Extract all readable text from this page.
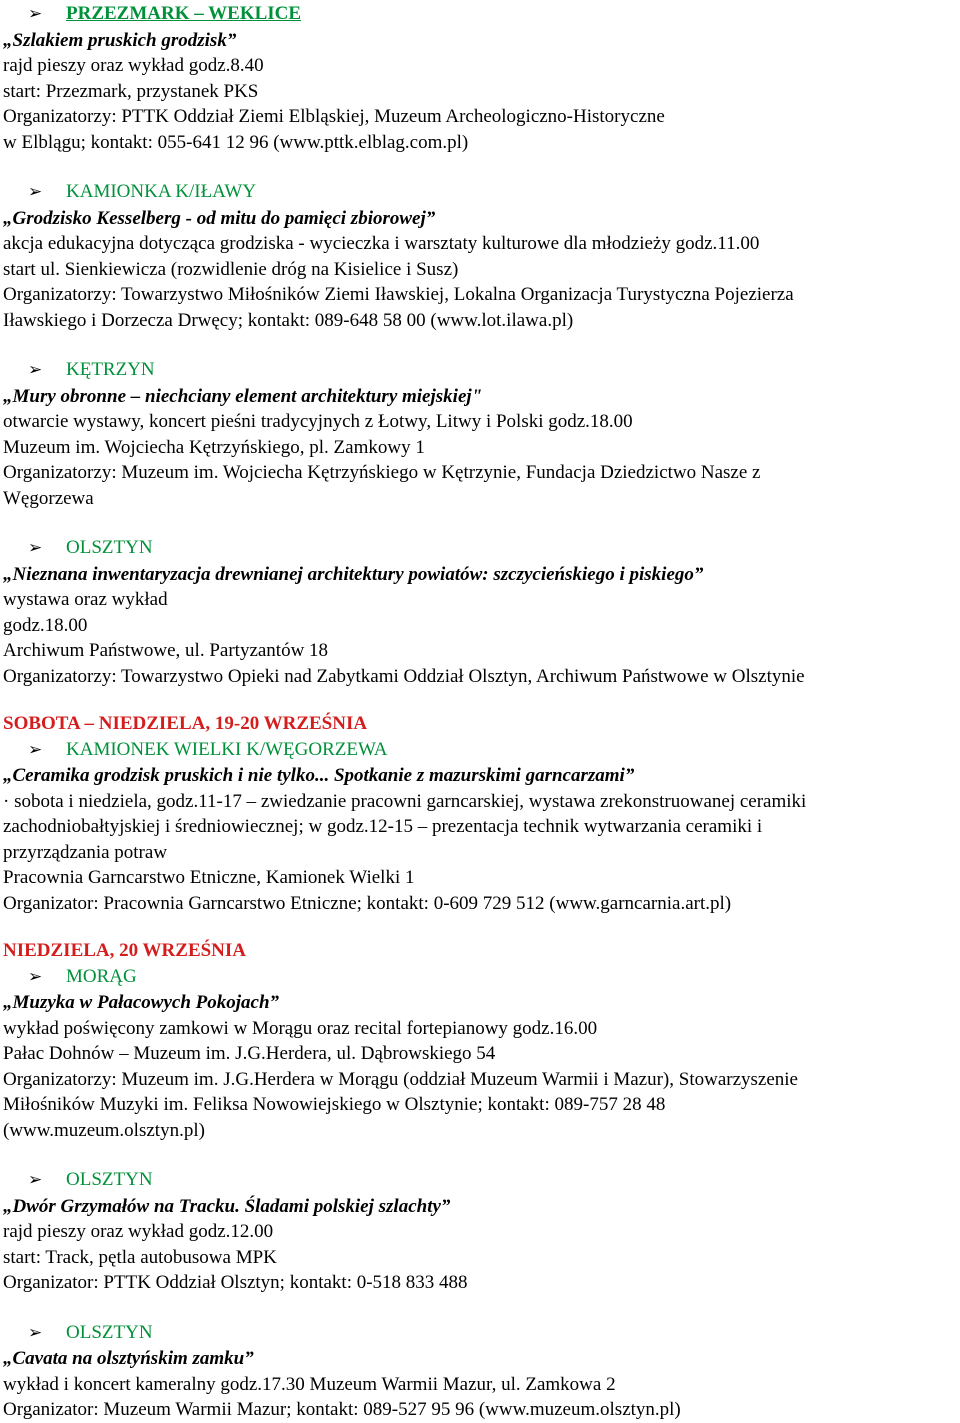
➢	PRZEZMARK – WEKLICE
„Szlakiem pruskich grodzisk”
rajd pieszy oraz wykład godz.8.40
start: Przezmark, przystanek PKS
Organizatorzy: PTTK Oddział Ziemi Elbląskiej, Muzeum Archeologiczno-Historyczne
w Elblągu; kontakt: 055-641 12 96 (www.pttk.elblag.com.pl)
➢	KAMIONKA K/IŁAWY
„Grodzisko Kesselberg - od mitu do pamięci zbiorowej”
akcja edukacyjna dotycząca grodziska - wycieczka i warsztaty kulturowe dla młodzieży godz.11.00
start ul. Sienkiewicza (rozwidlenie dróg na Kisielice i Susz)
Organizatorzy: Towarzystwo Miłośników Ziemi Iławskiej, Lokalna Organizacja Turystyczna Pojezierza
Iławskiego i Dorzecza Drwęcy; kontakt: 089-648 58 00 (www.lot.ilawa.pl)
➢	KĘTRZYN
„Mury obronne – niechciany element architektury miejskiej"
otwarcie wystawy, koncert pieśni tradycyjnych z Łotwy, Litwy i Polski godz.18.00
Muzeum im. Wojciecha Kętrzyńskiego, pl. Zamkowy 1
Organizatorzy: Muzeum im. Wojciecha Kętrzyńskiego w Kętrzynie, Fundacja Dziedzictwo Nasze z
Węgorzewa
➢	OLSZTYN
„Nieznana inwentaryzacja drewnianej architektury powiatów: szczycieńskiego i piskiego”
wystawa oraz wykład
godz.18.00
Archiwum Państwowe, ul. Partyzantów 18
Organizatorzy: Towarzystwo Opieki nad Zabytkami Oddział Olsztyn, Archiwum Państwowe w Olsztynie
SOBOTA – NIEDZIELA, 19-20 WRZEŚNIA
➢	KAMIONEK WIELKI K/WĘGORZEWA
„Ceramika grodzisk pruskich i nie tylko... Spotkanie z mazurskimi garncarzami”
· sobota i niedziela, godz.11-17 – zwiedzanie pracowni garncarskiej, wystawa zrekonstruowanej ceramiki
zachodniobałtyjskiej i średniowiecznej; w godz.12-15 – prezentacja technik wytwarzania ceramiki i
przyrządzania potraw
Pracownia Garncarstwo Etniczne, Kamionek Wielki 1
Organizator: Pracownia Garncarstwo Etniczne; kontakt: 0-609 729 512 (www.garncarnia.art.pl)
NIEDZIELA, 20 WRZEŚNIA
➢	MORĄG
„Muzyka w Pałacowych Pokojach”
wykład poświęcony zamkowi w Morągu oraz recital fortepianowy godz.16.00
Pałac Dohnów – Muzeum im. J.G.Herdera, ul. Dąbrowskiego 54
Organizatorzy: Muzeum im. J.G.Herdera w Morągu (oddział Muzeum Warmii i Mazur), Stowarzyszenie
Miłośników Muzyki im. Feliksa Nowowiejskiego w Olsztynie; kontakt: 089-757 28 48
(www.muzeum.olsztyn.pl)
➢	OLSZTYN
„Dwór Grzymałów na Tracku. Śladami polskiej szlachty”
rajd pieszy oraz wykład godz.12.00
start: Track, pętla autobusowa MPK
Organizator: PTTK Oddział Olsztyn; kontakt: 0-518 833 488
➢	OLSZTYN
„Cavata na olsztyńskim zamku”
wykład i koncert kameralny godz.17.30 Muzeum Warmii Mazur, ul. Zamkowa 2
Organizator: Muzeum Warmii Mazur; kontakt: 089-527 95 96 (www.muzeum.olsztyn.pl)
